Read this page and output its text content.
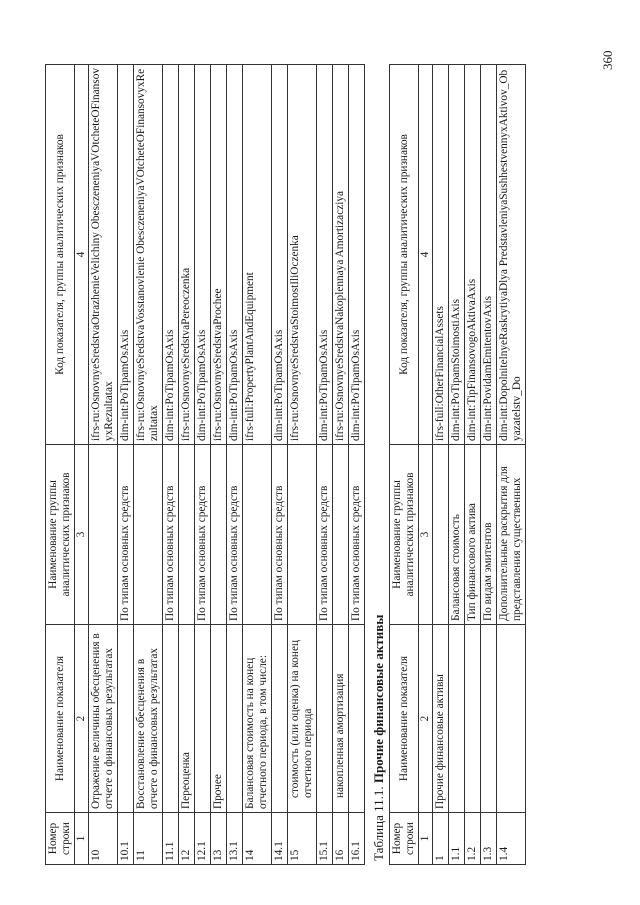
360
Номер строки	Наименование показателя	Наименование группы аналитических признаков	Код показателя, группы аналитических признаков
1	2	3	4
10	Отражение величины обесценения в отчете о финансовых результатах		ifrs-ru:OsnovnyeSredstvaOtrazhenieVelichiny ObesczeneniyaVOtcheteOFinansovyxRezultatax
10.1		По типам основных средств	dim-int:PoTipamOsAxis
11	Восстановление обесценения в отчете о финансовых результатах		ifrs-ru:OsnovnyeSredstvaVosstanovlenie ObesczeneniyaVOtcheteOFinansovyxRezultatax
11.1		По типам основных средств	dim-int:PoTipamOsAxis
12	Переоценка		ifrs-ru:OsnovnyeSredstvaPereoczenka
12.1		По типам основных средств	dim-int:PoTipamOsAxis
13	Прочее		ifrs-ru:OsnovnyeSredstvaProchee
13.1		По типам основных средств	dim-int:PoTipamOsAxis
14	Балансовая стоимость на конец отчетного периода, в том числе:		ifrs-full:PropertyPlantAndEquipment
14.1		По типам основных средств	dim-int:PoTipamOsAxis
15	стоимость (или оценка) на конец отчетного периода		ifrs-ru:OsnovnyeSredstvaStoimostIliOczenka
15.1		По типам основных средств	dim-int:PoTipamOsAxis
16	накопленная амортизация		ifrs-ru:OsnovnyeSredstvaNakoplennaya Amortizacziya
16.1		По типам основных средств	dim-int:PoTipamOsAxis
Таблица 11.1. Прочие финансовые активы
Номер строки	Наименование показателя	Наименование группы аналитических признаков	Код показателя, группы аналитических признаков
1	2	3	4
1	Прочие финансовые активы		ifrs-full:OtherFinancialAssets
1.1		Балансовая стоимость	dim-int:PoTipamStoimostiAxis
1.2		Тип финансового актива	dim-int:TipFinansovogoAktivaAxis
1.3		По видам эмитентов	dim-int:PovidamEmitentovAxis
1.4		Дополнительные раскрытия для представления существенных	dim-int:DopolnitelnyeRaskrytiyaDlya PredstavleniyaSushhestvennyxAktivov_Obyazatelstv_Do
